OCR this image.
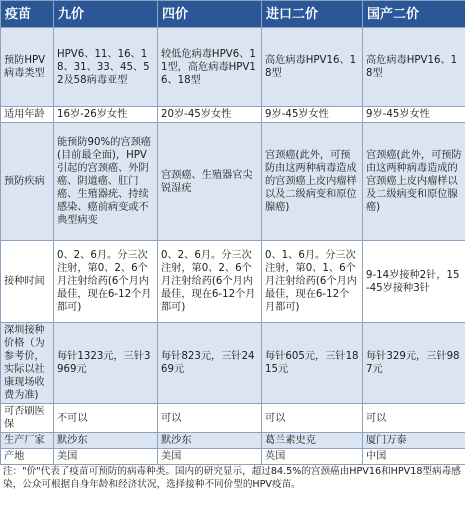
疫苗	九价	四价	进口二价	国产二价
预防HPV病毒类型	HPV6、11、16、18、31、33、45、52及58病毒亚型	较低危病毒HPV6、11型，高危病毒HPV16、18型	高危病毒HPV16、18型	高危病毒HPV16、18型
适用年龄	16岁-26岁女性	20岁-45岁女性	9岁-45岁女性	9岁-45岁女性
预防疾病	能预防90%的宫颈癌(目前最全面)，HPV引起的宫颈癌、外阴癌、阴道癌、肛门癌、生殖器疣、持续感染、癌前病变或不典型病变	宫颈癌、生殖器官尖锐湿疣	宫颈癌(此外，可预防由这两种病毒造成的宫颈癌上皮内瘤样以及二级病变和原位腺癌)	宫颈癌(此外，可预防由这两种病毒造成的宫颈癌上皮内瘤样以及二级病变和原位腺癌)
接种时间	0、2、6月。分三次注射，第0、2、6个月注射给药(6个月内最佳，现在6-12个月都可)	0、2、6月。分三次注射，第0、2、6个月注射给药(6个月内最佳，现在6-12个月都可)	0、1、6月。分三次注射，第0、1、6个月注射给药(6个月内最佳，现在6-12个月都可)	9-14岁接种2针，15-45岁接种3针
深圳接种价格（为参考价，实际以社康现场收费为准)	每针1323元，三针3969元	每针823元，三针2469元	每针605元，三针1815元	每针329元，三针987元
可否刷医保	不可以	可以	可以	可以
生产厂家	默沙东	默沙东	葛兰素史克	厦门万泰
产地	美国	美国	英国	中国
注："价"代表了疫苗可预防的病毒种类。国内的研究显示，超过84.5%的宫颈癌由HPV16和HPV18型病毒感染，公众可根据自身年龄和经济状况，选择接种不同价型的HPV疫苗。
